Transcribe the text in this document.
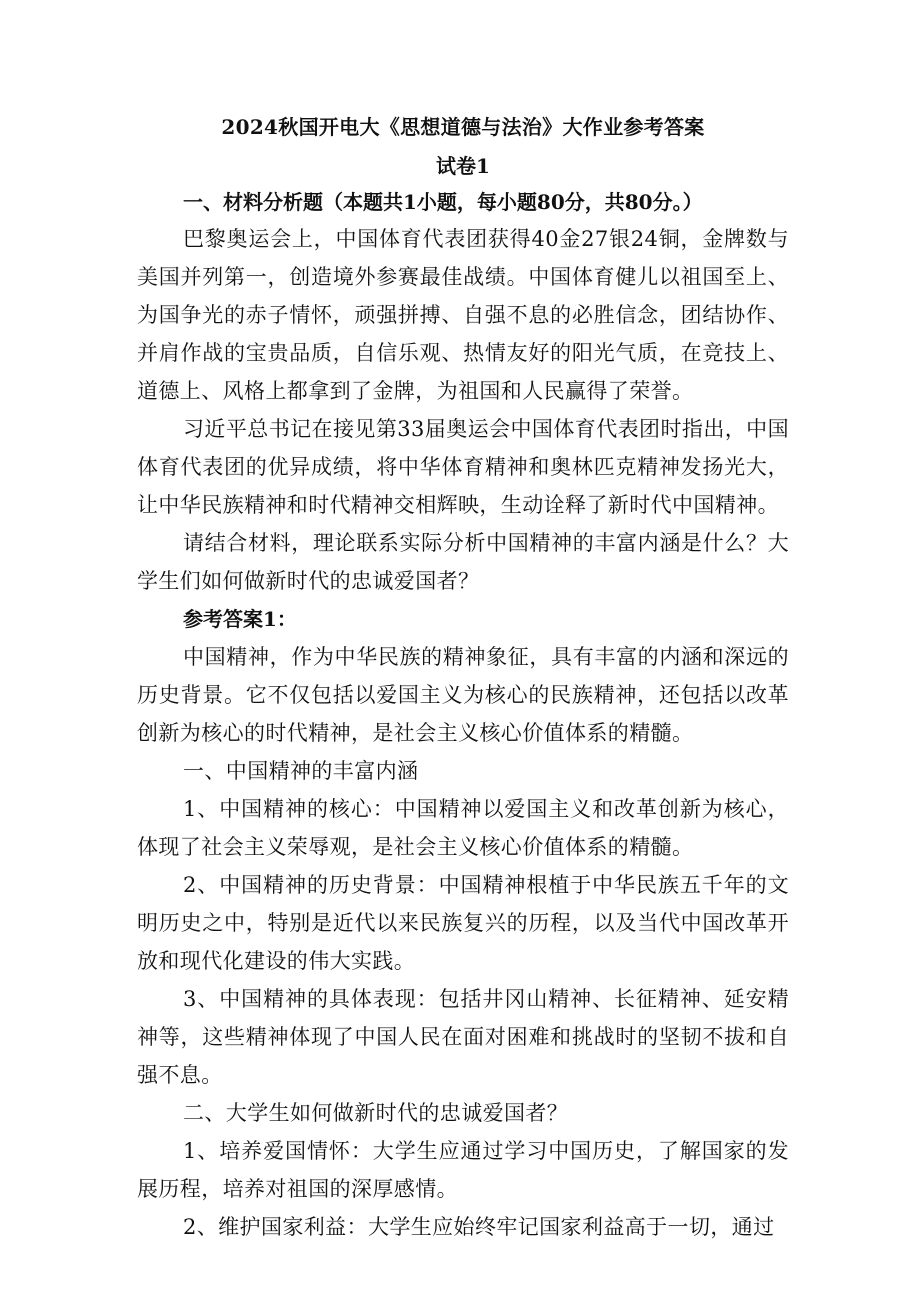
2024秋国开电大《思想道德与法治》大作业参考答案

试卷1

一、材料分析题（本题共1小题，每小题80分，共80分。）

巴黎奥运会上，中国体育代表团获得40金27银24铜，金牌数与美国并列第一，创造境外参赛最佳战绩。中国体育健儿以祖国至上、为国争光的赤子情怀，顽强拼搏、自强不息的必胜信念，团结协作、并肩作战的宝贵品质，自信乐观、热情友好的阳光气质，在竞技上、道德上、风格上都拿到了金牌，为祖国和人民赢得了荣誉。

习近平总书记在接见第33届奥运会中国体育代表团时指出，中国体育代表团的优异成绩，将中华体育精神和奥林匹克精神发扬光大，让中华民族精神和时代精神交相辉映，生动诠释了新时代中国精神。

请结合材料，理论联系实际分析中国精神的丰富内涵是什么？大学生们如何做新时代的忠诚爱国者？

参考答案1：

中国精神，作为中华民族的精神象征，具有丰富的内涵和深远的历史背景。它不仅包括以爱国主义为核心的民族精神，还包括以改革创新为核心的时代精神，是社会主义核心价值体系的精髓。

一、中国精神的丰富内涵

1、中国精神的核心：中国精神以爱国主义和改革创新为核心，体现了社会主义荣辱观，是社会主义核心价值体系的精髓。

2、中国精神的历史背景：中国精神根植于中华民族五千年的文明历史之中，特别是近代以来民族复兴的历程，以及当代中国改革开放和现代化建设的伟大实践。

3、中国精神的具体表现：包括井冈山精神、长征精神、延安精神等，这些精神体现了中国人民在面对困难和挑战时的坚韧不拔和自强不息。

二、大学生如何做新时代的忠诚爱国者？

1、培养爱国情怀：大学生应通过学习中国历史，了解国家的发展历程，培养对祖国的深厚感情。

2、维护国家利益：大学生应始终牢记国家利益高于一切，通过
